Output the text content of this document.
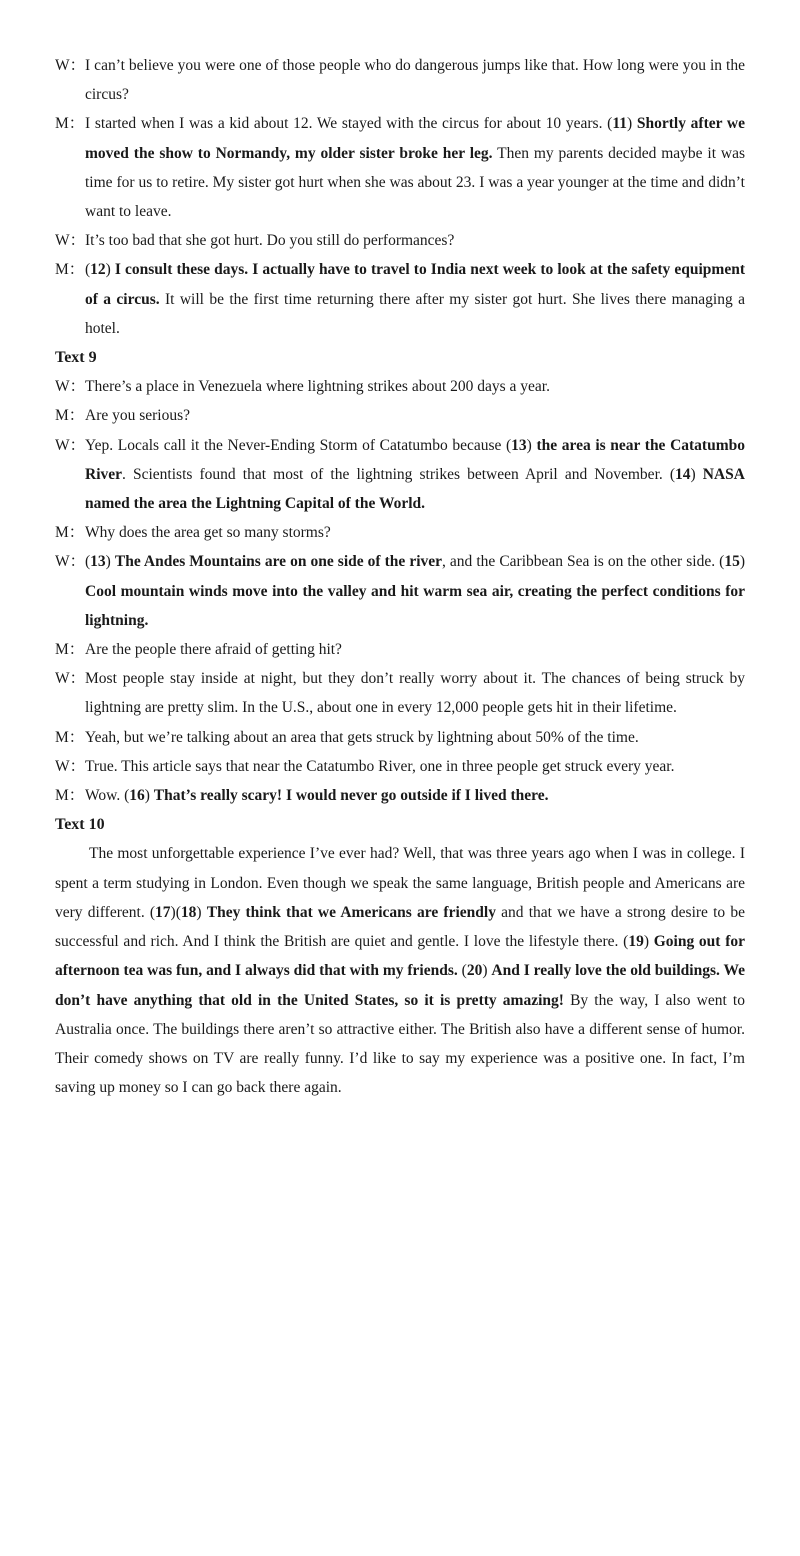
W： I can’t believe you were one of those people who do dangerous jumps like that. How long were you in the circus?
M： I started when I was a kid about 12. We stayed with the circus for about 10 years. (11) Shortly after we moved the show to Normandy, my older sister broke her leg. Then my parents decided maybe it was time for us to retire. My sister got hurt when she was about 23. I was a year younger at the time and didn’t want to leave.
W： It’s too bad that she got hurt. Do you still do performances?
M： (12) I consult these days. I actually have to travel to India next week to look at the safety equipment of a circus. It will be the first time returning there after my sister got hurt. She lives there managing a hotel.
Text 9
W： There’s a place in Venezuela where lightning strikes about 200 days a year.
M： Are you serious?
W： Yep. Locals call it the Never-Ending Storm of Catatumbo because (13) the area is near the Catatumbo River. Scientists found that most of the lightning strikes between April and November. (14) NASA named the area the Lightning Capital of the World.
M： Why does the area get so many storms?
W： (13) The Andes Mountains are on one side of the river, and the Caribbean Sea is on the other side. (15) Cool mountain winds move into the valley and hit warm sea air, creating the perfect conditions for lightning.
M： Are the people there afraid of getting hit?
W： Most people stay inside at night, but they don’t really worry about it. The chances of being struck by lightning are pretty slim. In the U.S., about one in every 12,000 people gets hit in their lifetime.
M： Yeah, but we’re talking about an area that gets struck by lightning about 50% of the time.
W： True. This article says that near the Catatumbo River, one in three people get struck every year.
M： Wow. (16) That’s really scary! I would never go outside if I lived there.
Text 10
The most unforgettable experience I’ve ever had? Well, that was three years ago when I was in college. I spent a term studying in London. Even though we speak the same language, British people and Americans are very different. (17)(18) They think that we Americans are friendly and that we have a strong desire to be successful and rich. And I think the British are quiet and gentle. I love the lifestyle there. (19) Going out for afternoon tea was fun, and I always did that with my friends. (20) And I really love the old buildings. We don’t have anything that old in the United States, so it is pretty amazing! By the way, I also went to Australia once. The buildings there aren’t so attractive either. The British also have a different sense of humor. Their comedy shows on TV are really funny. I’d like to say my experience was a positive one. In fact, I’m saving up money so I can go back there again.
